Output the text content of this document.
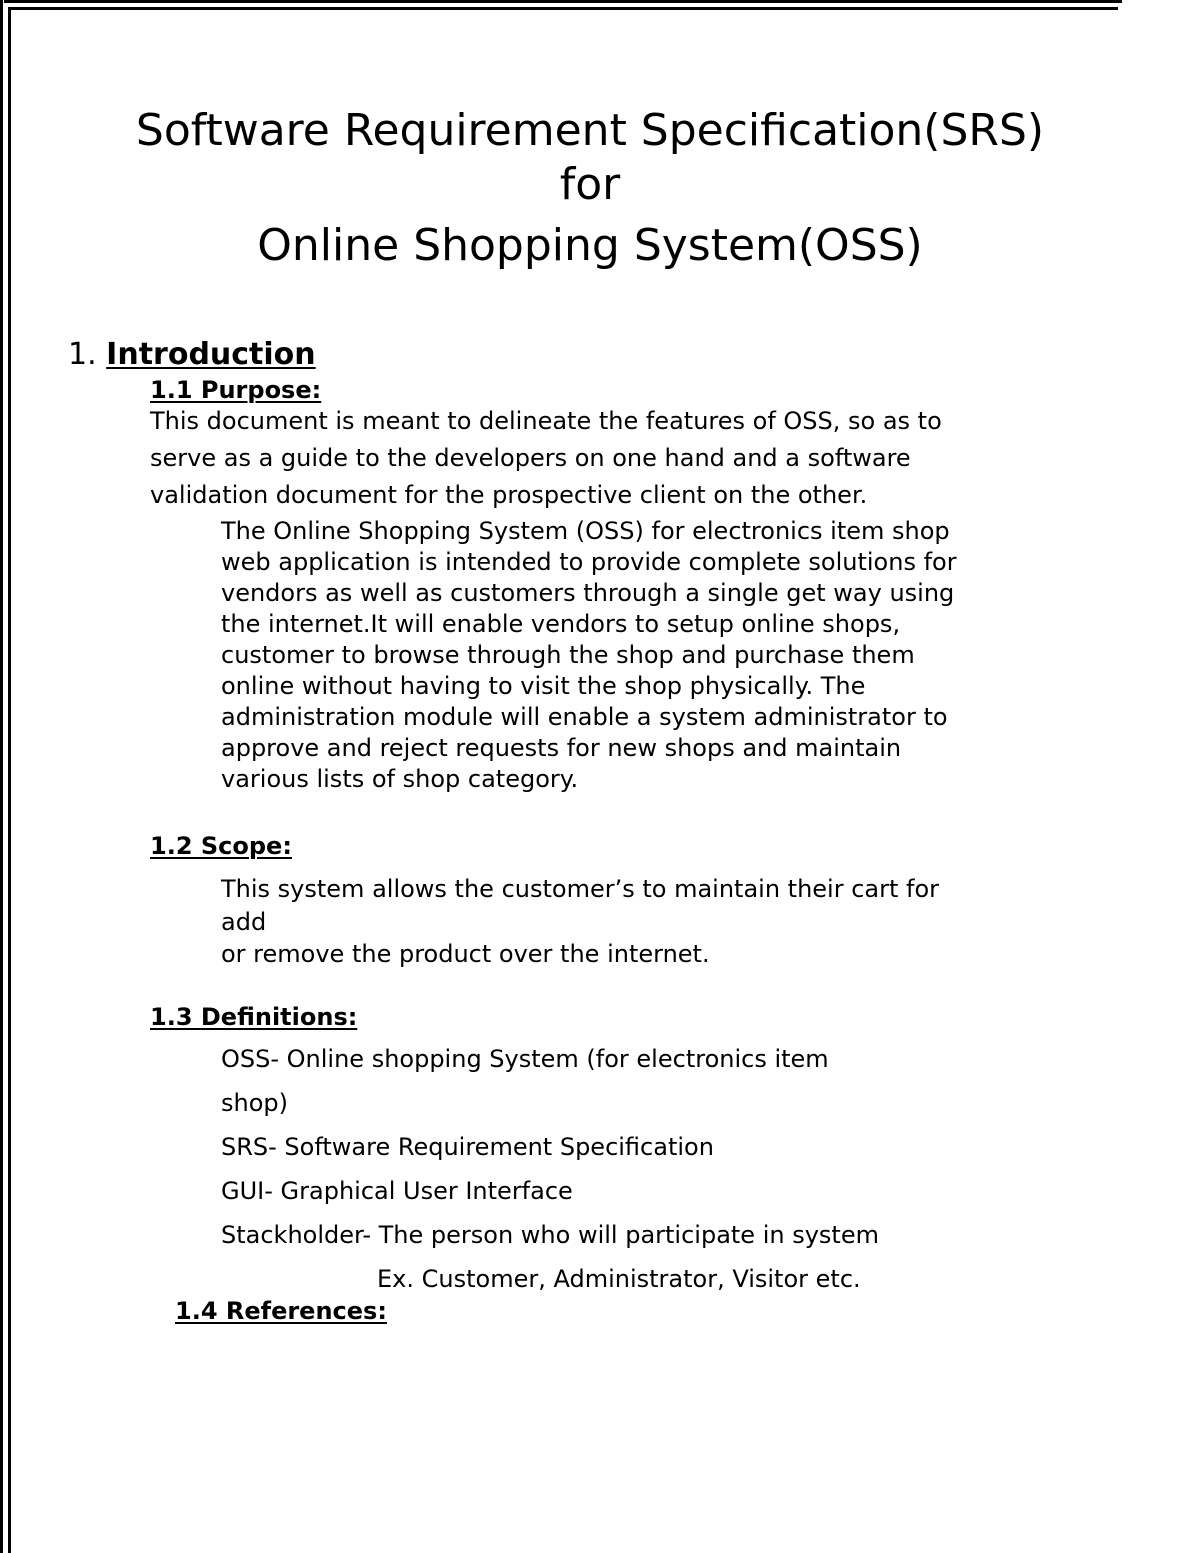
Software Requirement Specification(SRS)
for
Online Shopping System(OSS)
1. Introduction
1.1 Purpose:
This document is meant to delineate the features of OSS, so as to
serve as a guide to the developers on one hand and a software
validation document for the prospective client on the other.
The Online Shopping System (OSS) for electronics item shop
web application is intended to provide complete solutions for
vendors as well as customers through a single get way using
the internet.It will enable vendors to setup online shops,
customer to browse through the shop and purchase them
online without having to visit the shop physically. The
administration module will enable a system administrator to
approve and reject requests for new shops and maintain
various lists of shop category.
1.2 Scope:
This system allows the customer’s to maintain their cart for
add
or remove the product over the internet.
1.3 Definitions:
OSS- Online shopping System (for electronics item
shop)
SRS- Software Requirement Specification
GUI- Graphical User Interface
Stackholder- The person who will participate in system
Ex. Customer, Administrator, Visitor etc.
1.4 References:
